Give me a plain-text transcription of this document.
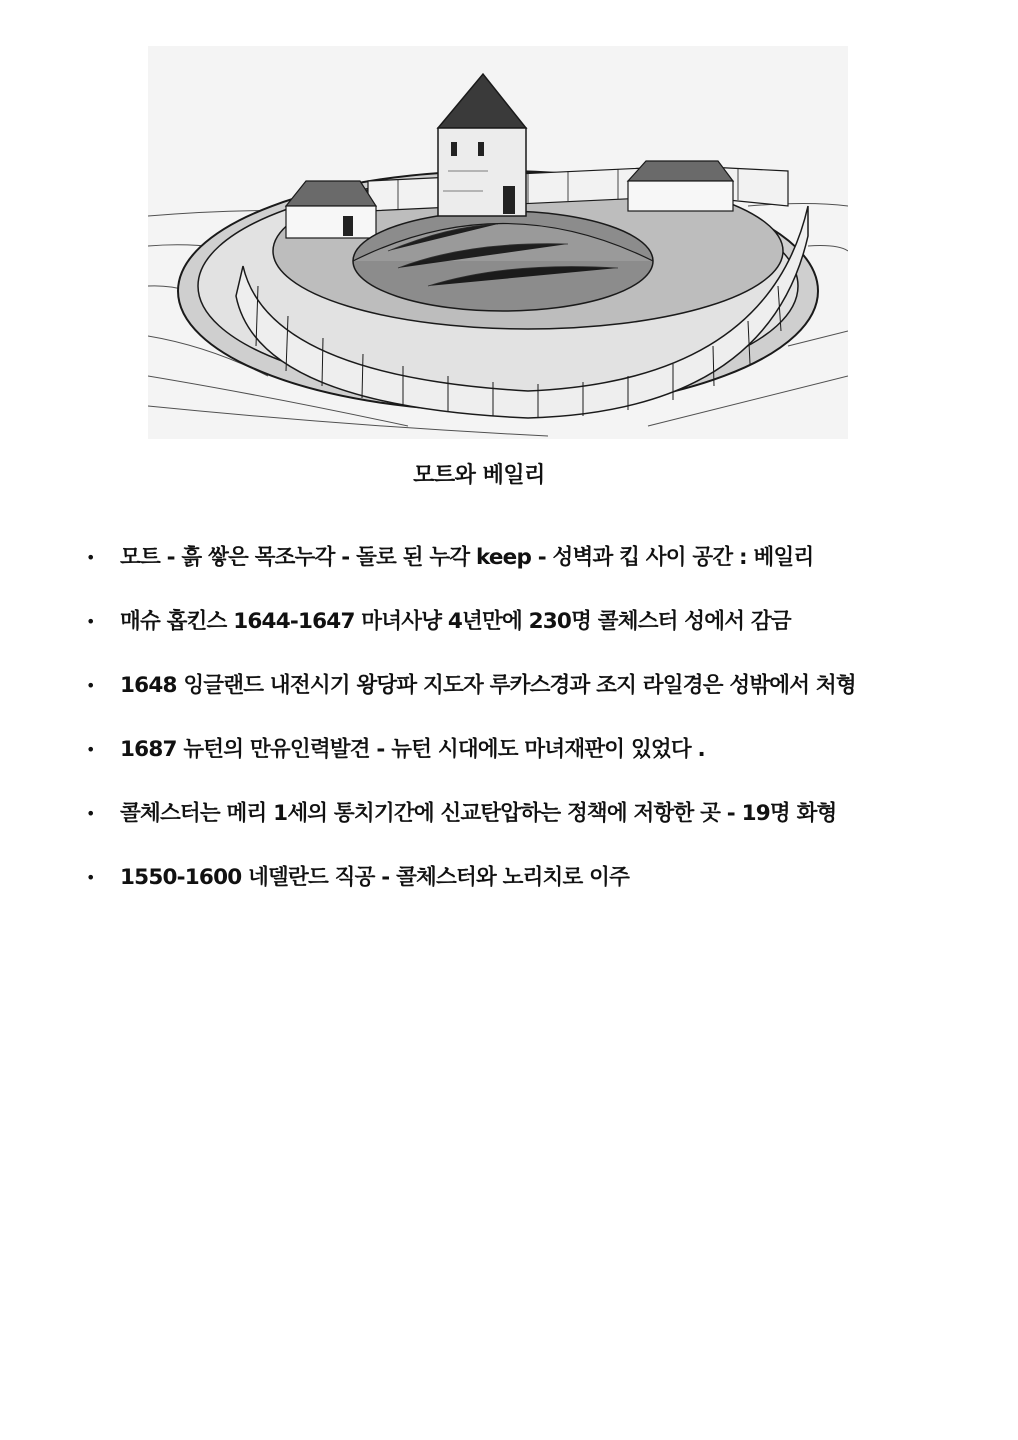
모트와 베일리
• 모트 - 흙 쌓은 목조누각 - 돌로 된 누각 keep - 성벽과 킵 사이 공간 : 베일리
• 매슈 홉킨스 1644-1647 마녀사냥 4년만에 230명 콜체스터 성에서 감금
• 1648 잉글랜드 내전시기 왕당파 지도자 루카스경과 조지 라일경은 성밖에서 처형
• 1687 뉴턴의 만유인력발견 - 뉴턴 시대에도 마녀재판이 있었다 .
• 콜체스터는 메리 1세의 통치기간에 신교탄압하는 정책에 저항한 곳 - 19명 화형
• 1550-1600 네델란드 직공 - 콜체스터와 노리치로 이주
